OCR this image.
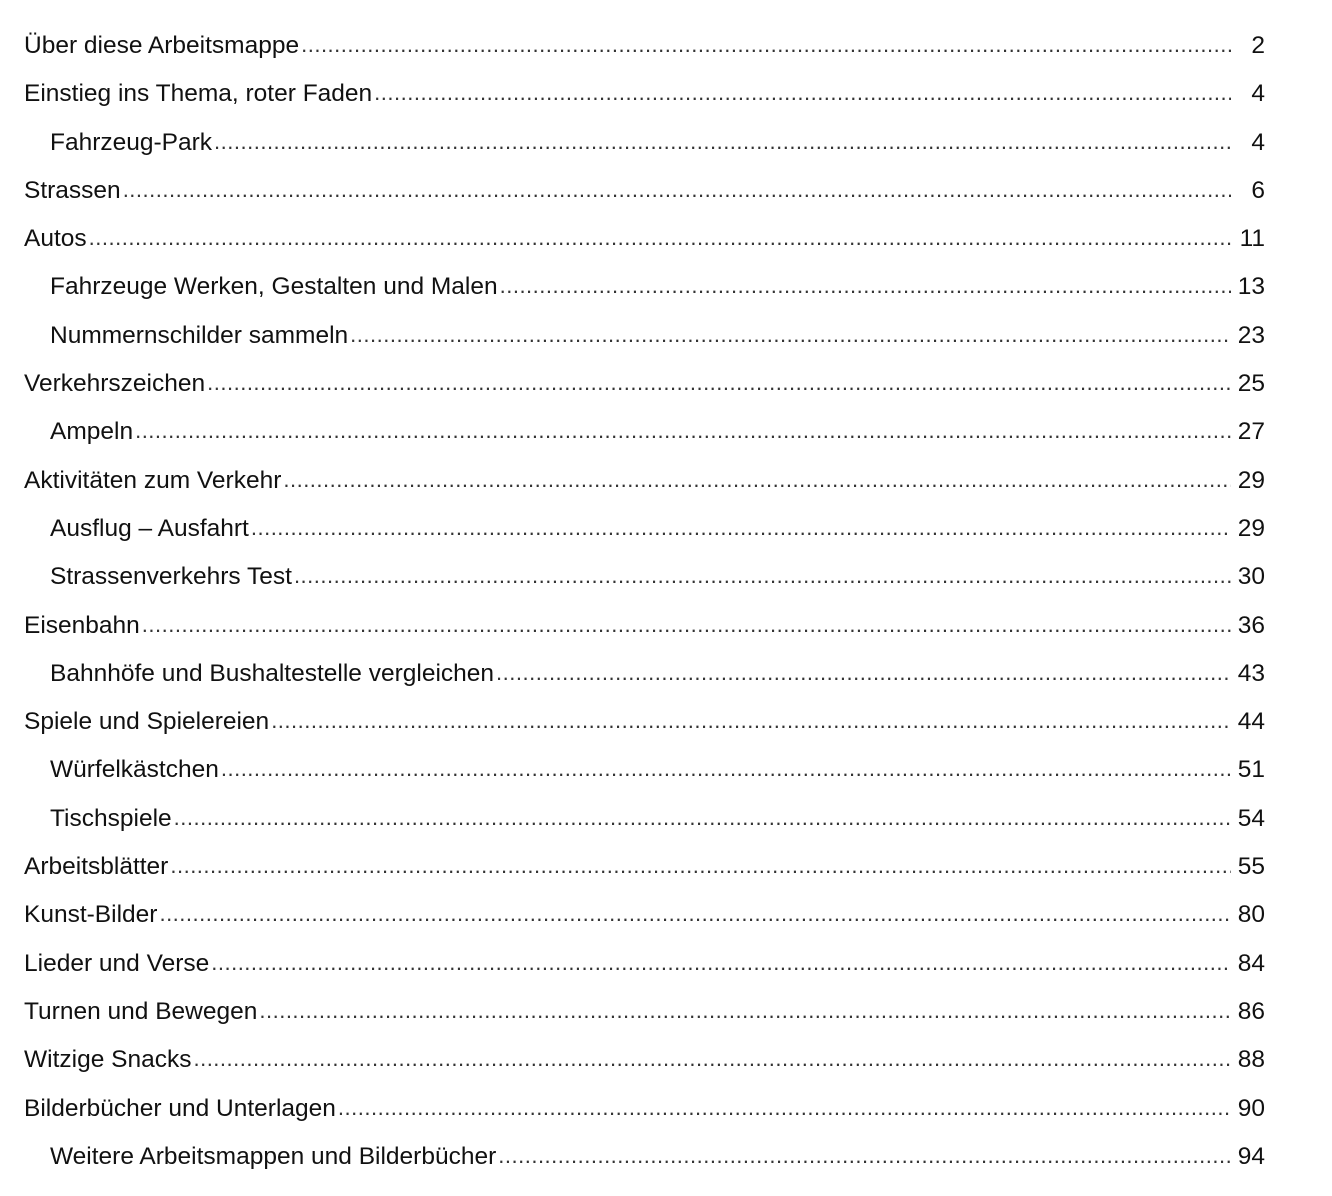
Über diese Arbeitsmappe .....	2
Einstieg ins Thema, roter Faden .....	4
Fahrzeug-Park .....	4
Strassen .....	6
Autos .....	11
Fahrzeuge Werken, Gestalten und Malen .....	13
Nummernschilder sammeln .....	23
Verkehrszeichen .....	25
Ampeln .....	27
Aktivitäten zum Verkehr .....	29
Ausflug – Ausfahrt .....	29
Strassenverkehrs Test .....	30
Eisenbahn .....	36
Bahnhöfe und Bushaltestelle vergleichen .....	43
Spiele und Spielereien .....	44
Würfelkästchen .....	51
Tischspiele .....	54
Arbeitsblätter .....	55
Kunst-Bilder .....	80
Lieder und Verse .....	84
Turnen und Bewegen .....	86
Witzige Snacks .....	88
Bilderbücher und Unterlagen .....	90
Weitere Arbeitsmappen und Bilderbücher .....	94
